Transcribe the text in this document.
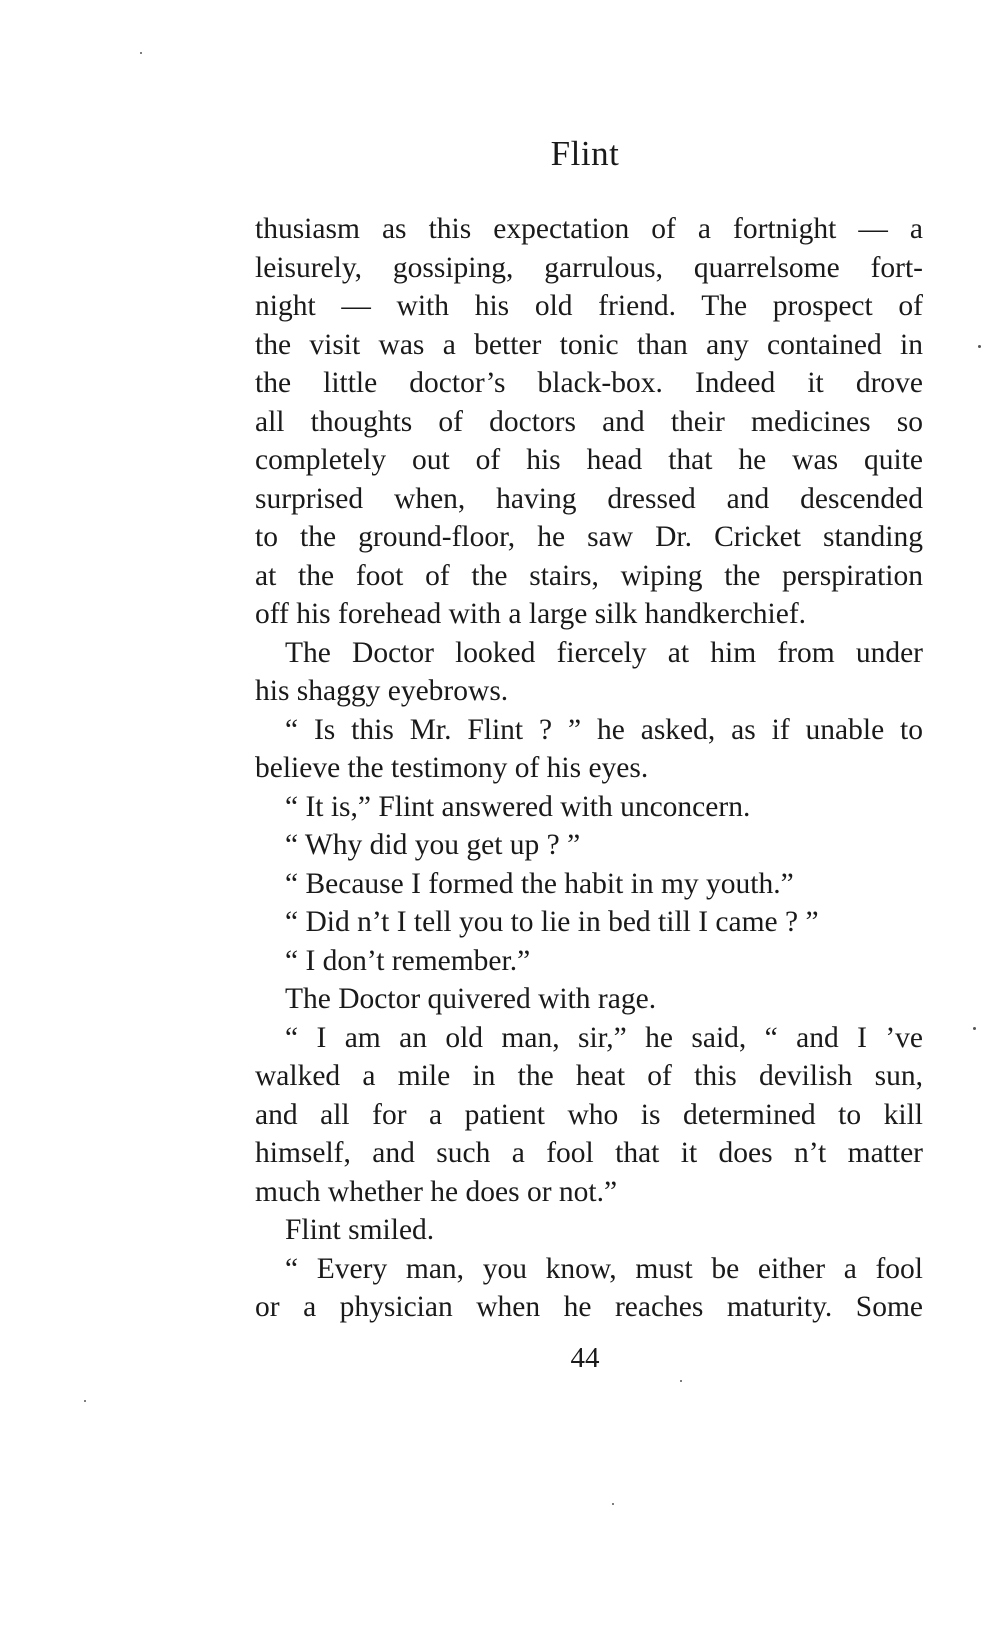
Flint
thusiasm as this expectation of a fortnight — a
leisurely, gossiping, garrulous, quarrelsome fort-
night — with his old friend. The prospect of
the visit was a better tonic than any contained in
the little doctor’s black-box. Indeed it drove
all thoughts of doctors and their medicines so
completely out of his head that he was quite
surprised when, having dressed and descended
to the ground-floor, he saw Dr. Cricket standing
at the foot of the stairs, wiping the perspiration
off his forehead with a large silk handkerchief.
The Doctor looked fiercely at him from under
his shaggy eyebrows.
“ Is this Mr. Flint ? ” he asked, as if unable to
believe the testimony of his eyes.
“ It is,” Flint answered with unconcern.
“ Why did you get up ? ”
“ Because I formed the habit in my youth.”
“ Did n’t I tell you to lie in bed till I came ? ”
“ I don’t remember.”
The Doctor quivered with rage.
“ I am an old man, sir,” he said, “ and I ’ve
walked a mile in the heat of this devilish sun,
and all for a patient who is determined to kill
himself, and such a fool that it does n’t matter
much whether he does or not.”
Flint smiled.
“ Every man, you know, must be either a fool
or a physician when he reaches maturity. Some
44
